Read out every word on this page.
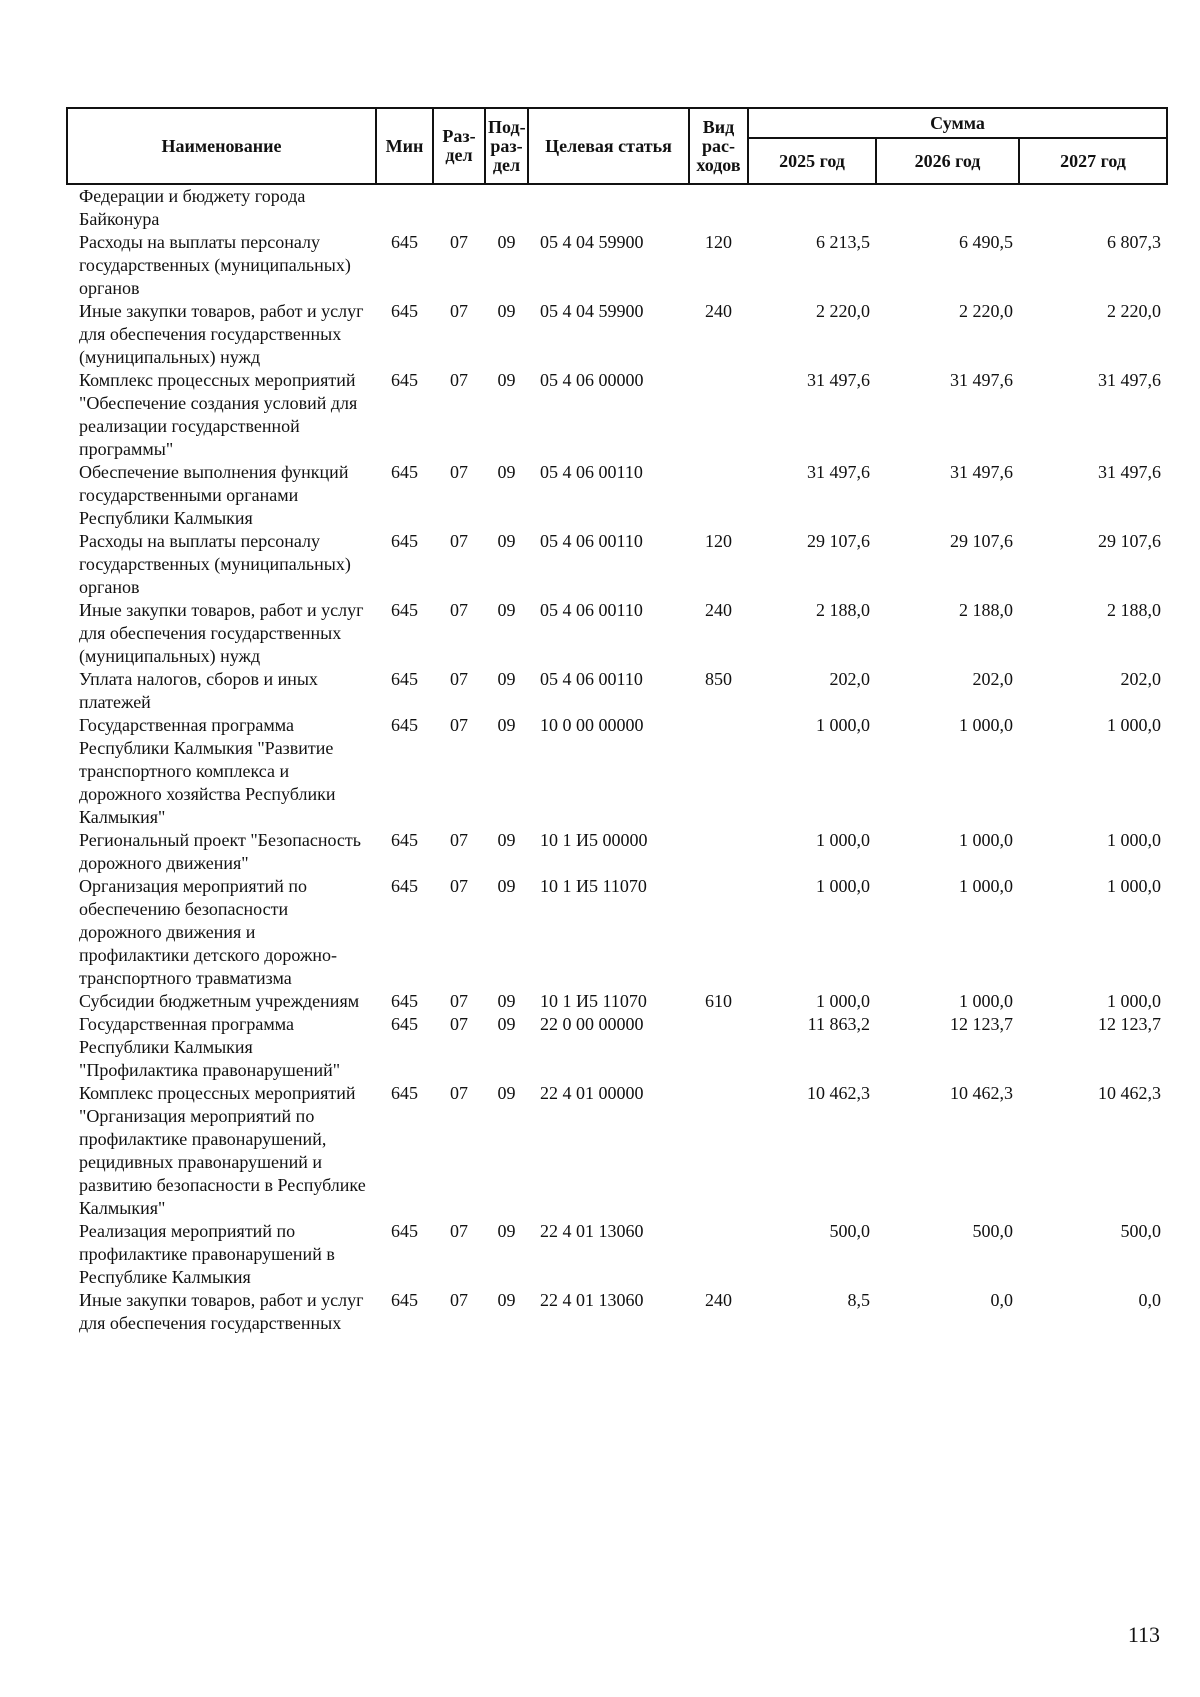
Наименование	Мин	Раз-дел	Под-раз-дел	Целевая статья	Вид рас-ходов	Сумма		
						2025 год	2026 год	2027 год
Федерации и бюджету города Байконура								
Расходы на выплаты персоналу государственных (муниципальных) органов	645	07	09	05 4 04 59900	120	6 213,5	6 490,5	6 807,3
Иные закупки товаров, работ и услуг для обеспечения государственных (муниципальных) нужд	645	07	09	05 4 04 59900	240	2 220,0	2 220,0	2 220,0
Комплекс процессных мероприятий "Обеспечение создания условий для реализации государственной программы"	645	07	09	05 4 06 00000		31 497,6	31 497,6	31 497,6
Обеспечение выполнения функций государственными органами Республики Калмыкия	645	07	09	05 4 06 00110		31 497,6	31 497,6	31 497,6
Расходы на выплаты персоналу государственных (муниципальных) органов	645	07	09	05 4 06 00110	120	29 107,6	29 107,6	29 107,6
Иные закупки товаров, работ и услуг для обеспечения государственных (муниципальных) нужд	645	07	09	05 4 06 00110	240	2 188,0	2 188,0	2 188,0
Уплата налогов, сборов и иных платежей	645	07	09	05 4 06 00110	850	202,0	202,0	202,0
Государственная программа Республики Калмыкия "Развитие транспортного комплекса и дорожного хозяйства Республики Калмыкия"	645	07	09	10 0 00 00000		1 000,0	1 000,0	1 000,0
Региональный проект "Безопасность дорожного движения"	645	07	09	10 1 И5 00000		1 000,0	1 000,0	1 000,0
Организация мероприятий по обеспечению безопасности дорожного движения и профилактики детского дорожно-транспортного травматизма	645	07	09	10 1 И5 11070		1 000,0	1 000,0	1 000,0
Субсидии бюджетным учреждениям	645	07	09	10 1 И5 11070	610	1 000,0	1 000,0	1 000,0
Государственная программа Республики Калмыкия "Профилактика правонарушений"	645	07	09	22 0 00 00000		11 863,2	12 123,7	12 123,7
Комплекс процессных мероприятий "Организация мероприятий по профилактике правонарушений, рецидивных правонарушений и развитию безопасности в Республике Калмыкия"	645	07	09	22 4 01 00000		10 462,3	10 462,3	10 462,3
Реализация мероприятий по профилактике правонарушений в Республике Калмыкия	645	07	09	22 4 01 13060		500,0	500,0	500,0
Иные закупки товаров, работ и услуг для обеспечения государственных	645	07	09	22 4 01 13060	240	8,5	0,0	0,0
113
